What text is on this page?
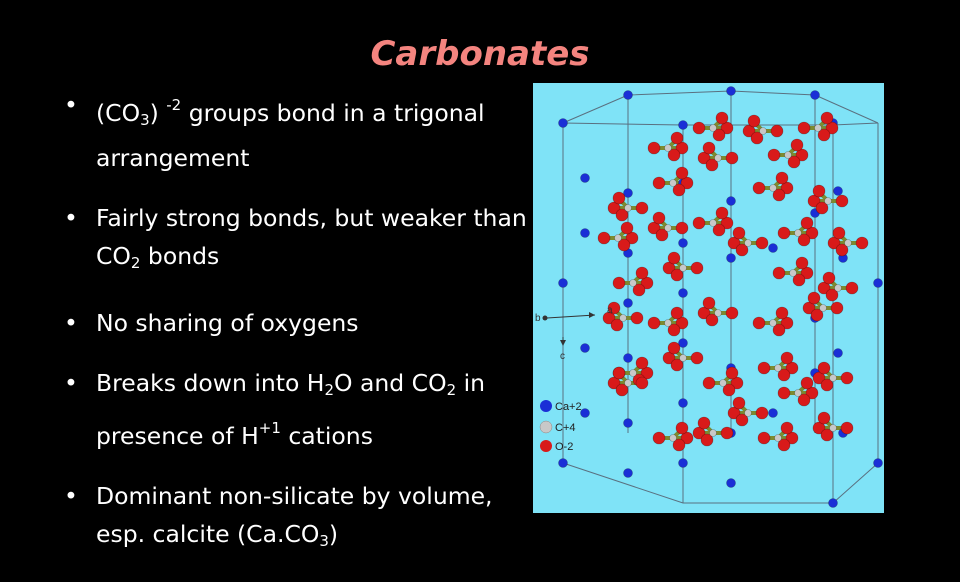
Carbonates
• $(CO_3)$ $^{-2}$ groups bond in a trigonal arrangement
• Fairly strong bonds, but weaker than $CO_2$ bonds
• No sharing of oxygens
• Breaks down into $H_2O$ and $CO_2$ in presence of $H^{+1}$ cations
• Dominant non-silicate by volume, esp. calcite $(Ca.CO_3)$
b
a
c
Ca+2
C+4
O-2
